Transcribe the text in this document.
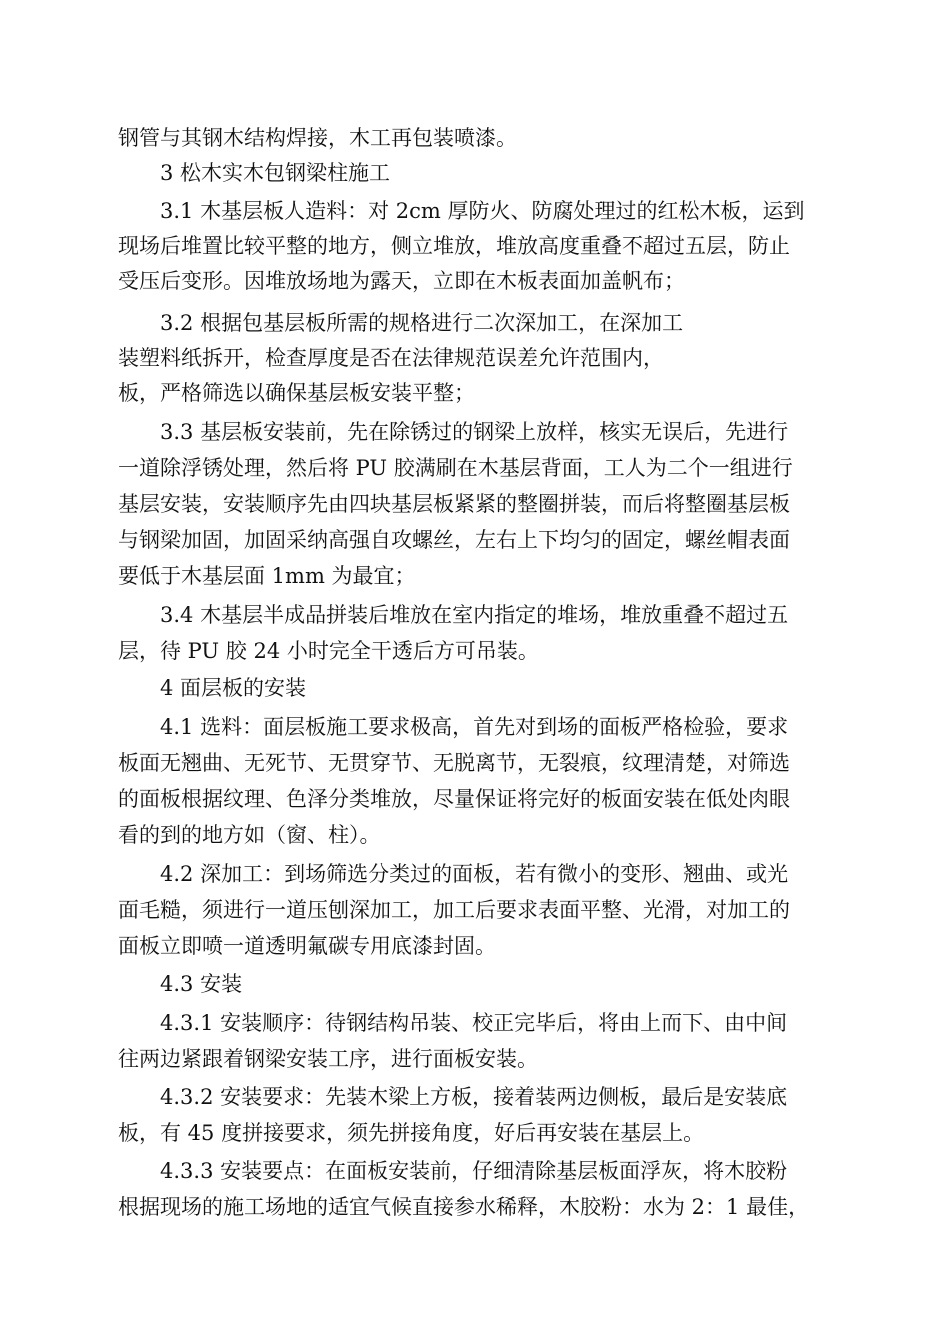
钢管与其钢木结构焊接，木工再包装喷漆。
3 松木实木包钢梁柱施工
3.1 木基层板人造料：对 2cm 厚防火、防腐处理过的红松木板，运到
现场后堆置比较平整的地方，侧立堆放，堆放高度重叠不超过五层，防止
受压后变形。因堆放场地为露天，立即在木板表面加盖帆布；
3.2 根据包基层板所需的规格进行二次深加工，在深加工
装塑料纸拆开，检查厚度是否在法律规范误差允许范围内，
板，严格筛选以确保基层板安装平整；
3.3 基层板安装前，先在除锈过的钢梁上放样，核实无误后，先进行
一道除浮锈处理，然后将 PU 胶满刷在木基层背面，工人为二个一组进行
基层安装，安装顺序先由四块基层板紧紧的整圈拼装，而后将整圈基层板
与钢梁加固，加固采纳高强自攻螺丝，左右上下均匀的固定，螺丝帽表面
要低于木基层面 1mm 为最宜；
3.4 木基层半成品拼装后堆放在室内指定的堆场，堆放重叠不超过五
层，待 PU 胶 24 小时完全干透后方可吊装。
4 面层板的安装
4.1 选料：面层板施工要求极高，首先对到场的面板严格检验，要求
板面无翘曲、无死节、无贯穿节、无脱离节，无裂痕，纹理清楚，对筛选
的面板根据纹理、色泽分类堆放，尽量保证将完好的板面安装在低处肉眼
看的到的地方如（窗、柱）。
4.2 深加工：到场筛选分类过的面板，若有微小的变形、翘曲、或光
面毛糙，须进行一道压刨深加工，加工后要求表面平整、光滑，对加工的
面板立即喷一道透明氟碳专用底漆封固。
4.3 安装
4.3.1 安装顺序：待钢结构吊装、校正完毕后，将由上而下、由中间
往两边紧跟着钢梁安装工序，进行面板安装。
4.3.2 安装要求：先装木梁上方板，接着装两边侧板，最后是安装底
板，有 45 度拼接要求，须先拼接角度，好后再安装在基层上。
4.3.3 安装要点：在面板安装前，仔细清除基层板面浮灰，将木胶粉
根据现场的施工场地的适宜气候直接参水稀释，木胶粉：水为 2：1 最佳，
